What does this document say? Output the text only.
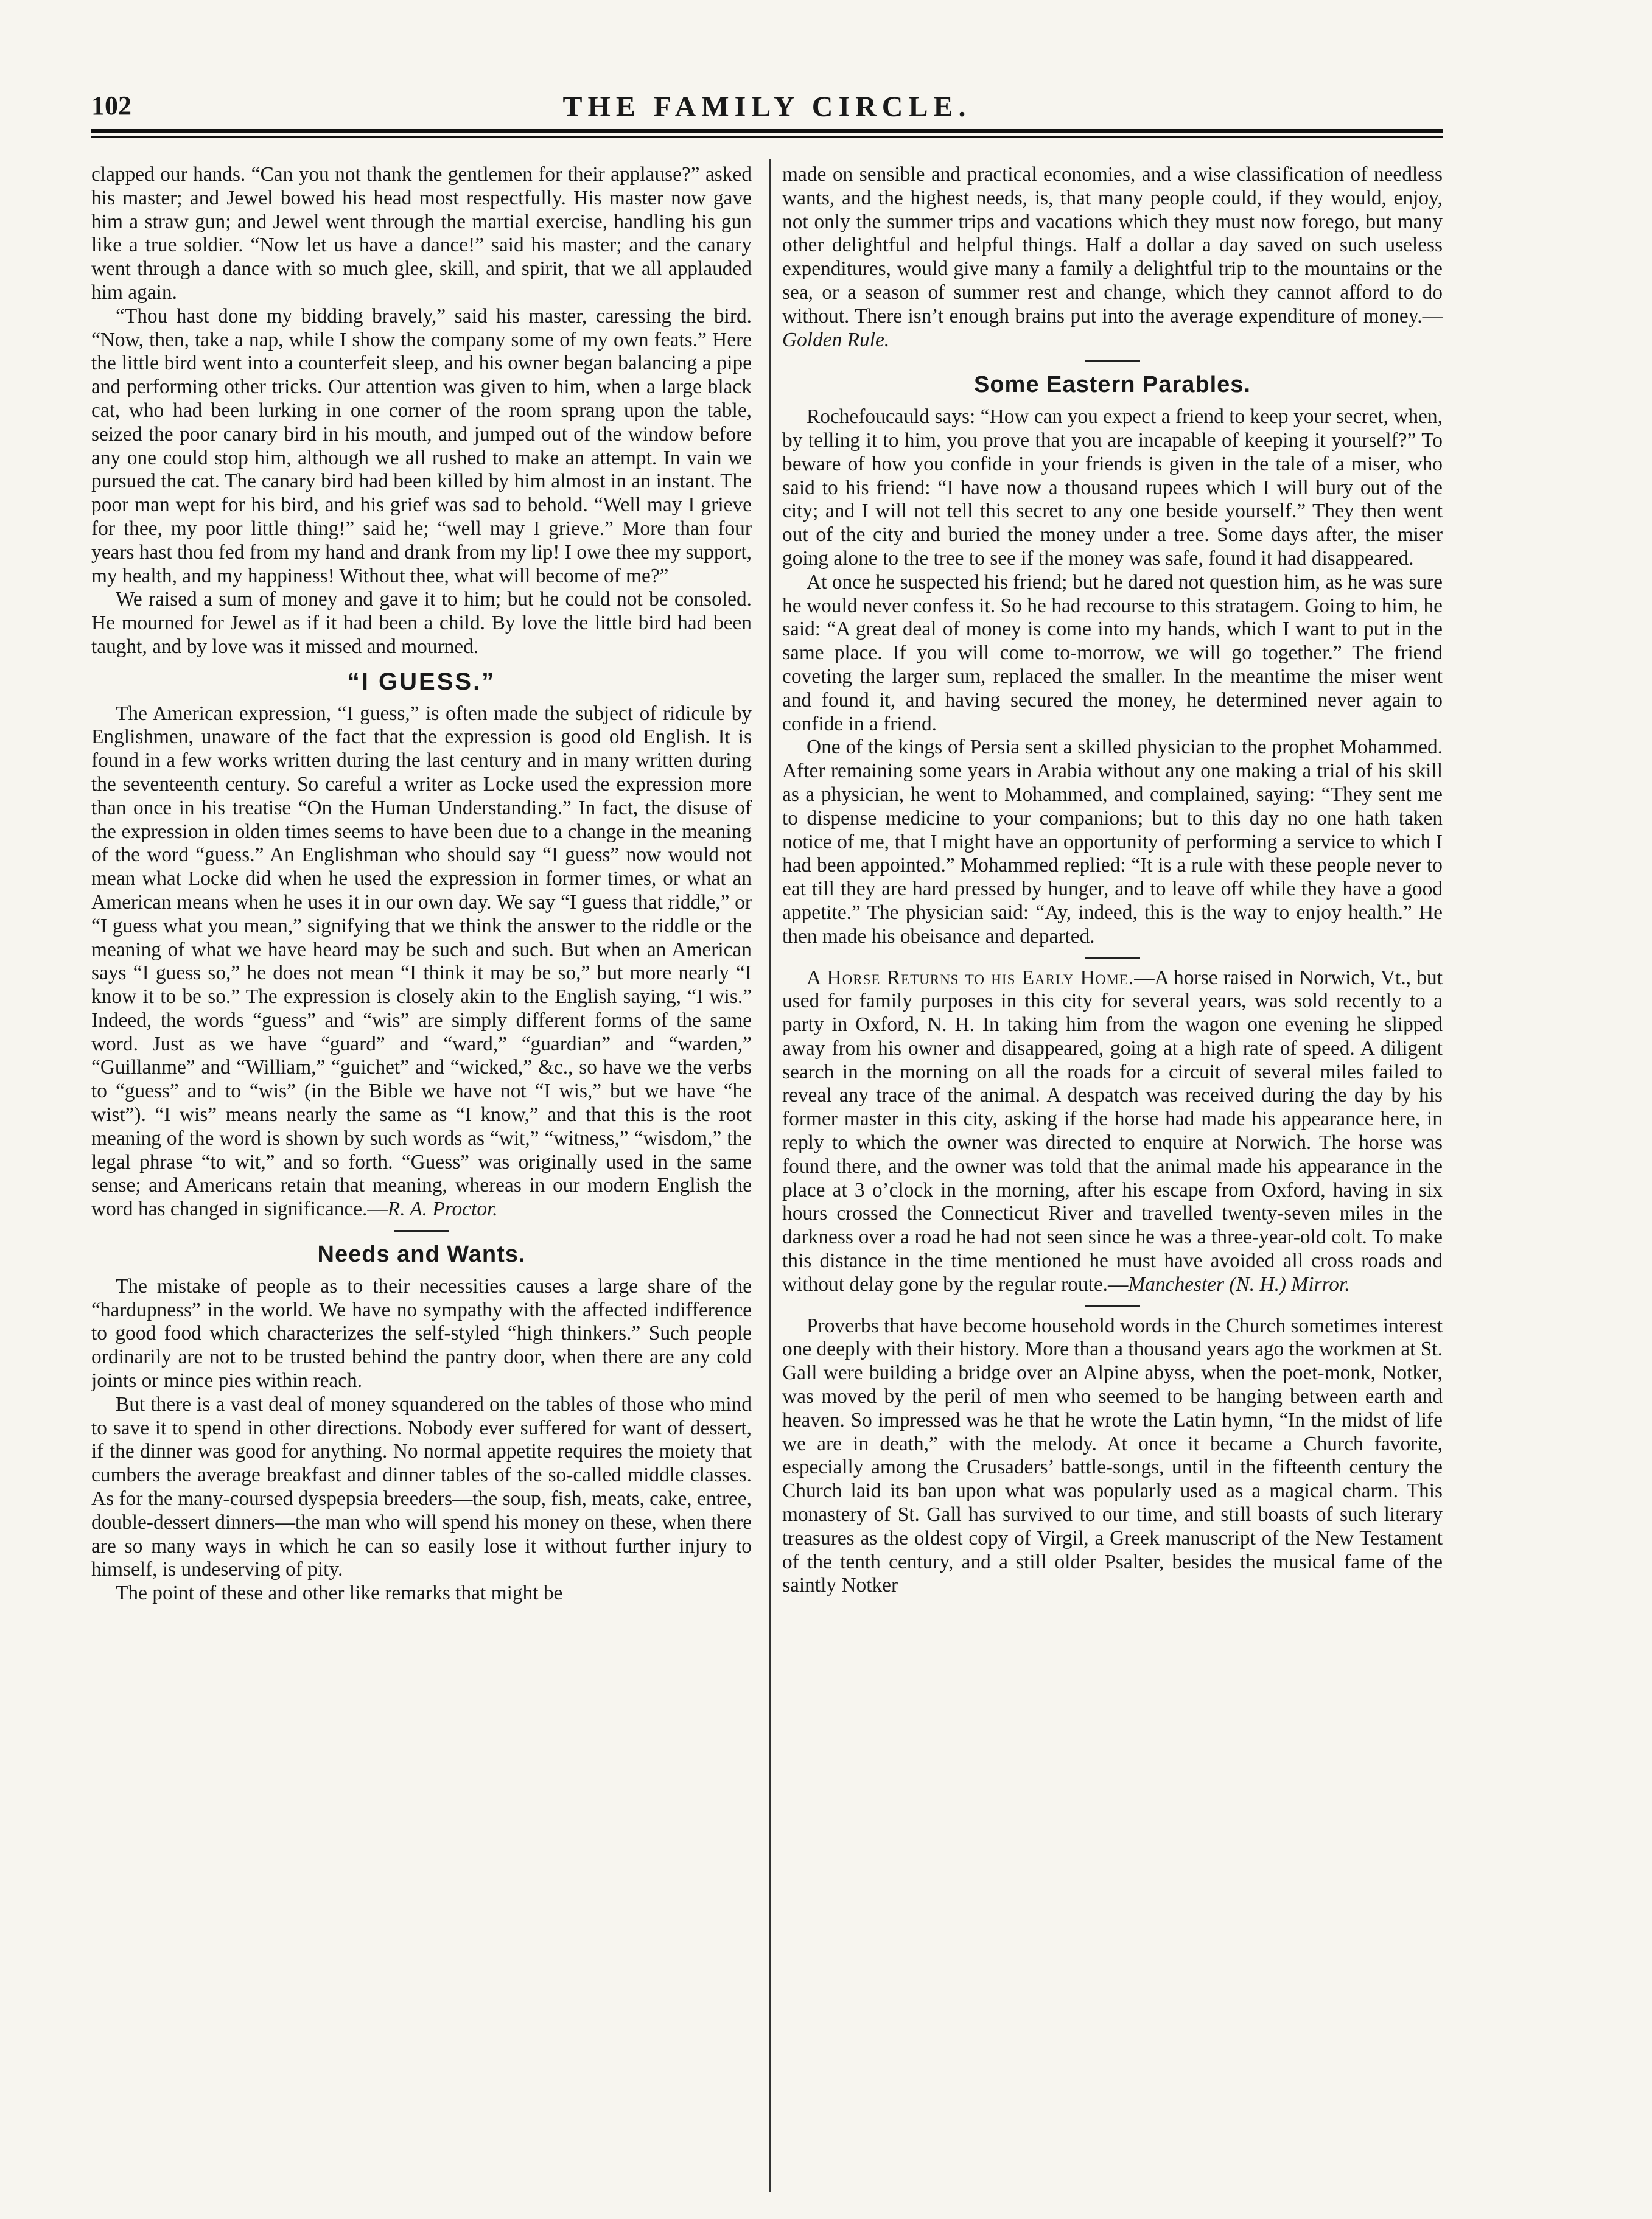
102	THE FAMILY CIRCLE.

clapped our hands. “Can you not thank the gentlemen for their applause?” asked his master; and Jewel bowed his head most respectfully. His master now gave him a straw gun; and Jewel went through the martial exercise, handling his gun like a true soldier. “Now let us have a dance!” said his master; and the canary went through a dance with so much glee, skill, and spirit, that we all applauded him again.

“Thou hast done my bidding bravely,” said his master, caressing the bird. “Now, then, take a nap, while I show the company some of my own feats.” Here the little bird went into a counterfeit sleep, and his owner began balancing a pipe and performing other tricks. Our attention was given to him, when a large black cat, who had been lurking in one corner of the room sprang upon the table, seized the poor canary bird in his mouth, and jumped out of the window before any one could stop him, although we all rushed to make an attempt. In vain we pursued the cat. The canary bird had been killed by him almost in an instant. The poor man wept for his bird, and his grief was sad to behold. “Well may I grieve for thee, my poor little thing!” said he; “well may I grieve.” More than four years hast thou fed from my hand and drank from my lip! I owe thee my support, my health, and my happiness! Without thee, what will become of me?”

We raised a sum of money and gave it to him; but he could not be consoled. He mourned for Jewel as if it had been a child. By love the little bird had been taught, and by love was it missed and mourned.

“I GUESS.”

The American expression, “I guess,” is often made the subject of ridicule by Englishmen, unaware of the fact that the expression is good old English. It is found in a few works written during the last century and in many written during the seventeenth century. So careful a writer as Locke used the expression more than once in his treatise “On the Human Understanding.” In fact, the disuse of the expression in olden times seems to have been due to a change in the meaning of the word “guess.” An Englishman who should say “I guess” now would not mean what Locke did when he used the expression in former times, or what an American means when he uses it in our own day. We say “I guess that riddle,” or “I guess what you mean,” signifying that we think the answer to the riddle or the meaning of what we have heard may be such and such. But when an American says “I guess so,” he does not mean “I think it may be so,” but more nearly “I know it to be so.” The expression is closely akin to the English saying, “I wis.” Indeed, the words “guess” and “wis” are simply different forms of the same word. Just as we have “guard” and “ward,” “guardian” and “warden,” “Guillanme” and “William,” “guichet” and “wicked,” &c., so have we the verbs to “guess” and to “wis” (in the Bible we have not “I wis,” but we have “he wist”). “I wis” means nearly the same as “I know,” and that this is the root meaning of the word is shown by such words as “wit,” “witness,” “wisdom,” the legal phrase “to wit,” and so forth. “Guess” was originally used in the same sense; and Americans retain that meaning, whereas in our modern English the word has changed in significance.—R. A. Proctor.

Needs and Wants.

The mistake of people as to their necessities causes a large share of the “hardupness” in the world. We have no sympathy with the affected indifference to good food which characterizes the self-styled “high thinkers.” Such people ordinarily are not to be trusted behind the pantry door, when there are any cold joints or mince pies within reach.

But there is a vast deal of money squandered on the tables of those who mind to save it to spend in other directions. Nobody ever suffered for want of dessert, if the dinner was good for anything. No normal appetite requires the moiety that cumbers the average breakfast and dinner tables of the so-called middle classes. As for the many-coursed dyspepsia breeders—the soup, fish, meats, cake, entree, double-dessert dinners—the man who will spend his money on these, when there are so many ways in which he can so easily lose it without further injury to himself, is undeserving of pity.

The point of these and other like remarks that might be

made on sensible and practical economies, and a wise classification of needless wants, and the highest needs, is, that many people could, if they would, enjoy, not only the summer trips and vacations which they must now forego, but many other delightful and helpful things. Half a dollar a day saved on such useless expenditures, would give many a family a delightful trip to the mountains or the sea, or a season of summer rest and change, which they cannot afford to do without. There isn’t enough brains put into the average expenditure of money.—Golden Rule.

Some Eastern Parables.

Rochefoucauld says: “How can you expect a friend to keep your secret, when, by telling it to him, you prove that you are incapable of keeping it yourself?” To beware of how you confide in your friends is given in the tale of a miser, who said to his friend: “I have now a thousand rupees which I will bury out of the city; and I will not tell this secret to any one beside yourself.” They then went out of the city and buried the money under a tree. Some days after, the miser going alone to the tree to see if the money was safe, found it had disappeared.

At once he suspected his friend; but he dared not question him, as he was sure he would never confess it. So he had recourse to this stratagem. Going to him, he said: “A great deal of money is come into my hands, which I want to put in the same place. If you will come to-morrow, we will go together.” The friend coveting the larger sum, replaced the smaller. In the meantime the miser went and found it, and having secured the money, he determined never again to confide in a friend.

One of the kings of Persia sent a skilled physician to the prophet Mohammed. After remaining some years in Arabia without any one making a trial of his skill as a physician, he went to Mohammed, and complained, saying: “They sent me to dispense medicine to your companions; but to this day no one hath taken notice of me, that I might have an opportunity of performing a service to which I had been appointed.” Mohammed replied: “It is a rule with these people never to eat till they are hard pressed by hunger, and to leave off while they have a good appetite.” The physician said: “Ay, indeed, this is the way to enjoy health.” He then made his obeisance and departed.

A Horse Returns to his Early Home.—A horse raised in Norwich, Vt., but used for family purposes in this city for several years, was sold recently to a party in Oxford, N. H. In taking him from the wagon one evening he slipped away from his owner and disappeared, going at a high rate of speed. A diligent search in the morning on all the roads for a circuit of several miles failed to reveal any trace of the animal. A despatch was received during the day by his former master in this city, asking if the horse had made his appearance here, in reply to which the owner was directed to enquire at Norwich. The horse was found there, and the owner was told that the animal made his appearance in the place at 3 o’clock in the morning, after his escape from Oxford, having in six hours crossed the Connecticut River and travelled twenty-seven miles in the darkness over a road he had not seen since he was a three-year-old colt. To make this distance in the time mentioned he must have avoided all cross roads and without delay gone by the regular route.—Manchester (N. H.) Mirror.

Proverbs that have become household words in the Church sometimes interest one deeply with their history. More than a thousand years ago the workmen at St. Gall were building a bridge over an Alpine abyss, when the poet-monk, Notker, was moved by the peril of men who seemed to be hanging between earth and heaven. So impressed was he that he wrote the Latin hymn, “In the midst of life we are in death,” with the melody. At once it became a Church favorite, especially among the Crusaders’ battle-songs, until in the fifteenth century the Church laid its ban upon what was popularly used as a magical charm. This monastery of St. Gall has survived to our time, and still boasts of such literary treasures as the oldest copy of Virgil, a Greek manuscript of the New Testament of the tenth century, and a still older Psalter, besides the musical fame of the saintly Notker
